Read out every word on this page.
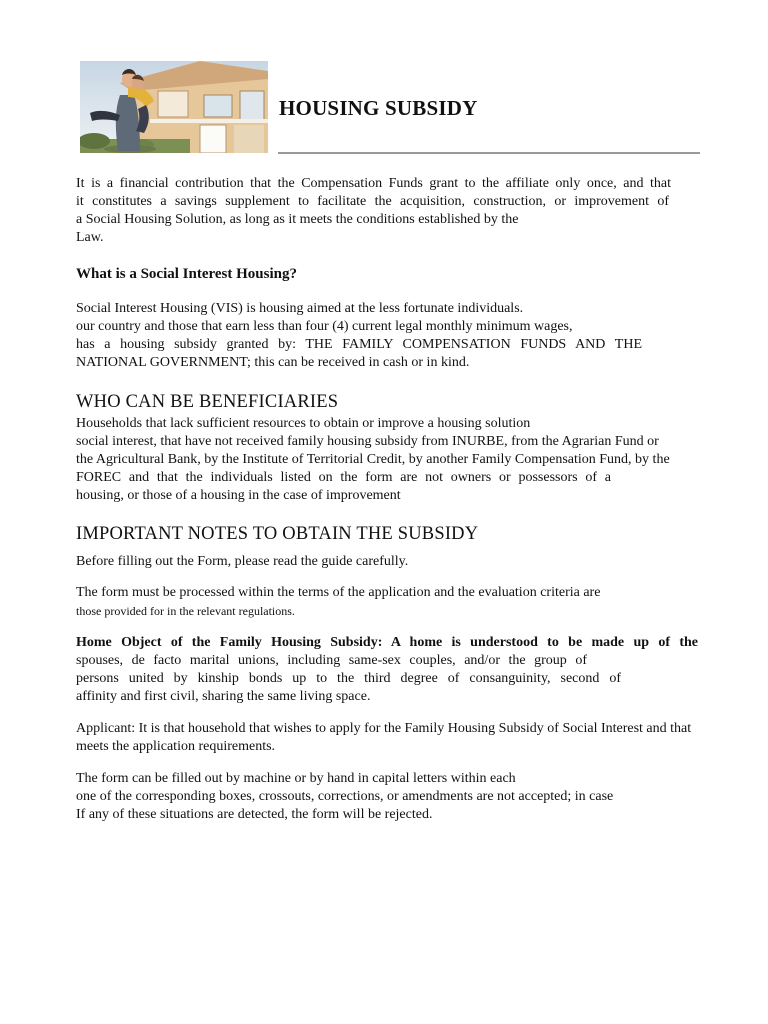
HOUSING SUBSIDY

It is a financial contribution that the Compensation Funds grant to the affiliate only once, and that
it constitutes a savings supplement to facilitate the acquisition, construction, or improvement of
a Social Housing Solution, as long as it meets the conditions established by the
Law.

What is a Social Interest Housing?

Social Interest Housing (VIS) is housing aimed at the less fortunate individuals.
our country and those that earn less than four (4) current legal monthly minimum wages,
has a housing subsidy granted by: THE FAMILY COMPENSATION FUNDS AND THE
NATIONAL GOVERNMENT; this can be received in cash or in kind.

WHO CAN BE BENEFICIARIES

Households that lack sufficient resources to obtain or improve a housing solution
social interest, that have not received family housing subsidy from INURBE, from the Agrarian Fund or
the Agricultural Bank, by the Institute of Territorial Credit, by another Family Compensation Fund, by the
FOREC and that the individuals listed on the form are not owners or possessors of a
housing, or those of a housing in the case of improvement

IMPORTANT NOTES TO OBTAIN THE SUBSIDY

Before filling out the Form, please read the guide carefully.

The form must be processed within the terms of the application and the evaluation criteria are
those provided for in the relevant regulations.

Home Object of the Family Housing Subsidy: A home is understood to be made up of the
spouses, de facto marital unions, including same-sex couples, and/or the group of
persons united by kinship bonds up to the third degree of consanguinity, second of
affinity and first civil, sharing the same living space.

Applicant: It is that household that wishes to apply for the Family Housing Subsidy of Social Interest and that
meets the application requirements.

The form can be filled out by machine or by hand in capital letters within each
one of the corresponding boxes, crossouts, corrections, or amendments are not accepted; in case
If any of these situations are detected, the form will be rejected.
